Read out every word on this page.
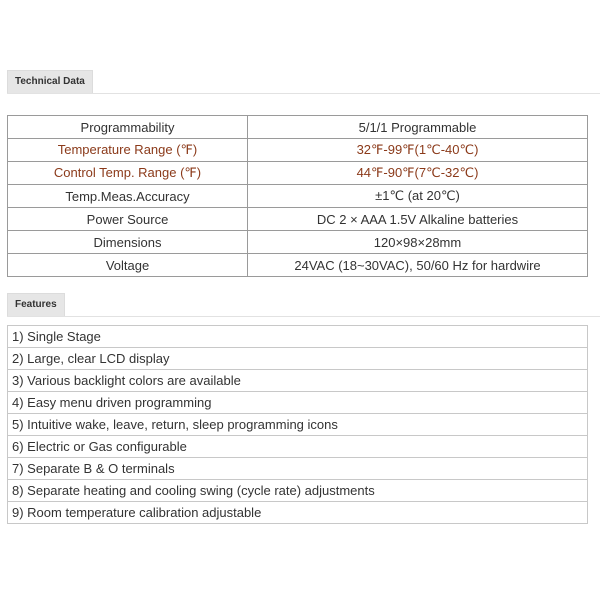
Technical Data
Programmability	5/1/1 Programmable
Temperature Range (℉)	32℉-99℉(1℃-40℃)
Control Temp. Range (℉)	44℉-90℉(7℃-32℃)
Temp.Meas.Accuracy	±1℃ (at 20℃)
Power Source	DC 2 × AAA 1.5V Alkaline batteries
Dimensions	120×98×28mm
Voltage	24VAC (18~30VAC), 50/60 Hz for hardwire
Features
1) Single Stage
2) Large, clear LCD display
3) Various backlight colors are available
4) Easy menu driven programming
5) Intuitive wake, leave, return, sleep programming icons
6) Electric or Gas configurable
7) Separate B & O terminals
8) Separate heating and cooling swing (cycle rate) adjustments
9) Room temperature calibration adjustable
